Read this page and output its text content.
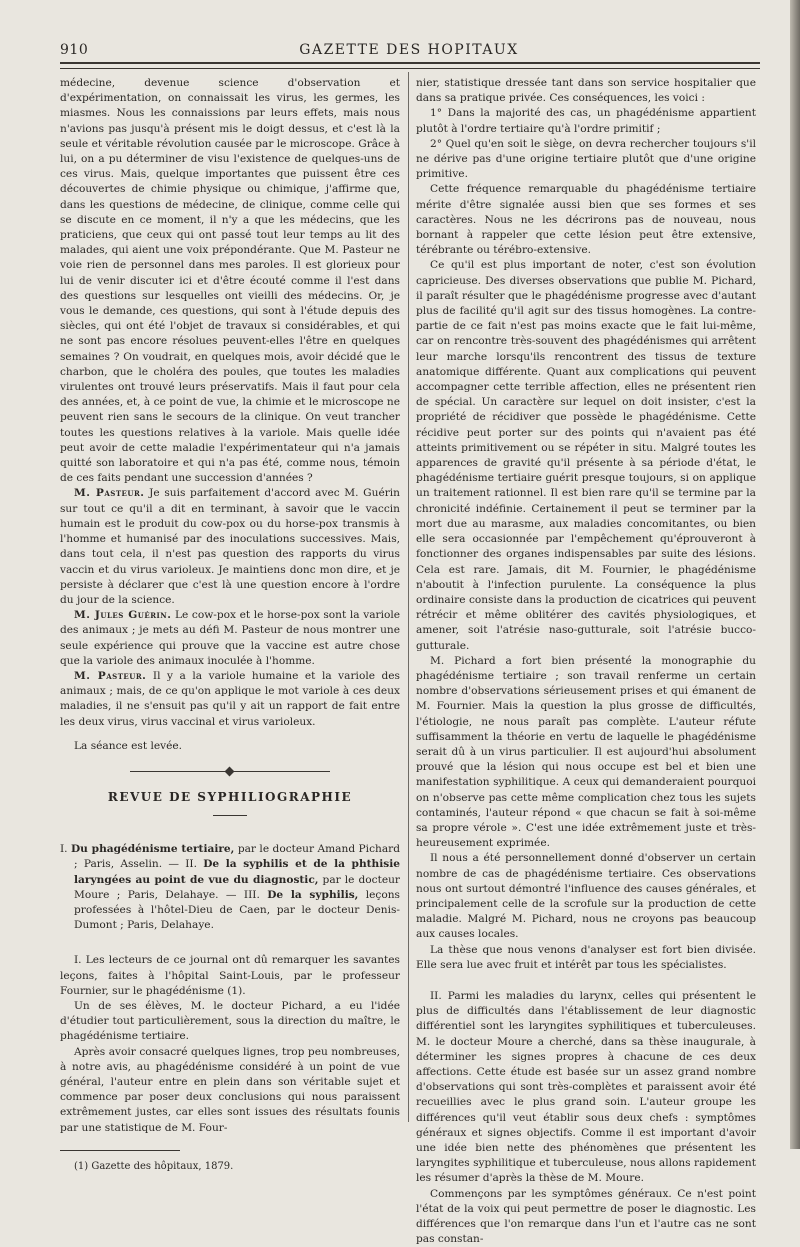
GAZETTE DES HOPITAUX
910

médecine, devenue science d'observation et d'expérimentation, on connaissait les virus, les germes, les miasmes. Nous les connaissions par leurs effets, mais nous n'avions pas jusqu'à présent mis le doigt dessus, et c'est là la seule et véritable révolution causée par le microscope. Grâce à lui, on a pu déterminer de visu l'existence de quelques-uns de ces virus. Mais, quelque importantes que puissent être ces découvertes de chimie physique ou chimique, j'affirme que, dans les questions de médecine, de clinique, comme celle qui se discute en ce moment, il n'y a que les médecins, que les praticiens, que ceux qui ont passé tout leur temps au lit des malades, qui aient une voix prépondérante. Que M. Pasteur ne voie rien de personnel dans mes paroles. Il est glorieux pour lui de venir discuter ici et d'être écouté comme il l'est dans des questions sur lesquelles ont vieilli des médecins. Or, je vous le demande, ces questions, qui sont à l'étude depuis des siècles, qui ont été l'objet de travaux si considérables, et qui ne sont pas encore résolues peuvent-elles l'être en quelques semaines ? On voudrait, en quelques mois, avoir décidé que le charbon, que le choléra des poules, que toutes les maladies virulentes ont trouvé leurs préservatifs. Mais il faut pour cela des années, et, à ce point de vue, la chimie et le microscope ne peuvent rien sans le secours de la clinique. On veut trancher toutes les questions relatives à la variole. Mais quelle idée peut avoir de cette maladie l'expérimentateur qui n'a jamais quitté son laboratoire et qui n'a pas été, comme nous, témoin de ces faits pendant une succession d'années ?

M. Pasteur. Je suis parfaitement d'accord avec M. Guérin sur tout ce qu'il a dit en terminant, à savoir que le vaccin humain est le produit du cow-pox ou du horse-pox transmis à l'homme et humanisé par des inoculations successives. Mais, dans tout cela, il n'est pas question des rapports du virus vaccin et du virus varioleux. Je maintiens donc mon dire, et je persiste à déclarer que c'est là une question encore à l'ordre du jour de la science.

M. Jules Guérin. Le cow-pox et le horse-pox sont la variole des animaux ; je mets au défi M. Pasteur de nous montrer une seule expérience qui prouve que la vaccine est autre chose que la variole des animaux inoculée à l'homme.

M. Pasteur. Il y a la variole humaine et la variole des animaux ; mais, de ce qu'on applique le mot variole à ces deux maladies, il ne s'ensuit pas qu'il y ait un rapport de fait entre les deux virus, virus vaccinal et virus varioleux.

La séance est levée.

REVUE DE SYPHILIOGRAPHIE

I. Du phagédénisme tertiaire, par le docteur Amand Pichard ; Paris, Asselin. — II. De la syphilis et de la phthisie laryngées au point de vue du diagnostic, par le docteur Moure ; Paris, Delahaye. — III. De la syphilis, leçons professées à l'hôtel-Dieu de Caen, par le docteur Denis-Dumont ; Paris, Delahaye.

I. Les lecteurs de ce journal ont dû remarquer les savantes leçons, faites à l'hôpital Saint-Louis, par le professeur Fournier, sur le phagédénisme (1).

Un de ses élèves, M. le docteur Pichard, a eu l'idée d'étudier tout particulièrement, sous la direction du maître, le phagédénisme tertiaire.

Après avoir consacré quelques lignes, trop peu nombreuses, à notre avis, au phagédénisme considéré à un point de vue général, l'auteur entre en plein dans son véritable sujet et commence par poser deux conclusions qui nous paraissent extrêmement justes, car elles sont issues des résultats founis par une statistique de M. Four-

(1) Gazette des hôpitaux, 1879.

nier, statistique dressée tant dans son service hospitalier que dans sa pratique privée. Ces conséquences, les voici :

1° Dans la majorité des cas, un phagédénisme appartient plutôt à l'ordre tertiaire qu'à l'ordre primitif ;

2° Quel qu'en soit le siège, on devra rechercher toujours s'il ne dérive pas d'une origine tertiaire plutôt que d'une origine primitive.

Cette fréquence remarquable du phagédénisme tertiaire mérite d'être signalée aussi bien que ses formes et ses caractères. Nous ne les décrirons pas de nouveau, nous bornant à rappeler que cette lésion peut être extensive, térébrante ou térébro-extensive.

Ce qu'il est plus important de noter, c'est son évolution capricieuse. Des diverses observations que publie M. Pichard, il paraît résulter que le phagédénisme progresse avec d'autant plus de facilité qu'il agit sur des tissus homogènes. La contre-partie de ce fait n'est pas moins exacte que le fait lui-même, car on rencontre très-souvent des phagédénismes qui arrêtent leur marche lorsqu'ils rencontrent des tissus de texture anatomique différente. Quant aux complications qui peuvent accompagner cette terrible affection, elles ne présentent rien de spécial. Un caractère sur lequel on doit insister, c'est la propriété de récidiver que possède le phagédénisme. Cette récidive peut porter sur des points qui n'avaient pas été atteints primitivement ou se répéter in situ. Malgré toutes les apparences de gravité qu'il présente à sa période d'état, le phagédénisme tertiaire guérit presque toujours, si on applique un traitement rationnel. Il est bien rare qu'il se termine par la chronicité indéfinie. Certainement il peut se terminer par la mort due au marasme, aux maladies concomitantes, ou bien elle sera occasionnée par l'empêchement qu'éprouveront à fonctionner des organes indispensables par suite des lésions. Cela est rare. Jamais, dit M. Fournier, le phagédénisme n'aboutit à l'infection purulente. La conséquence la plus ordinaire consiste dans la production de cicatrices qui peuvent rétrécir et même oblitérer des cavités physiologiques, et amener, soit l'atrésie naso-gutturale, soit l'atrésie bucco-gutturale.

M. Pichard a fort bien présenté la monographie du phagédénisme tertiaire ; son travail renferme un certain nombre d'observations sérieusement prises et qui émanent de M. Fournier. Mais la question la plus grosse de difficultés, l'étiologie, ne nous paraît pas complète. L'auteur réfute suffisamment la théorie en vertu de laquelle le phagédénisme serait dû à un virus particulier. Il est aujourd'hui absolument prouvé que la lésion qui nous occupe est bel et bien une manifestation syphilitique. A ceux qui demanderaient pourquoi on n'observe pas cette même complication chez tous les sujets contaminés, l'auteur répond « que chacun se fait à soi-même sa propre vérole ». C'est une idée extrêmement juste et très-heureusement exprimée.

Il nous a été personnellement donné d'observer un certain nombre de cas de phagédénisme tertiaire. Ces observations nous ont surtout démontré l'influence des causes générales, et principalement celle de la scrofule sur la production de cette maladie. Malgré M. Pichard, nous ne croyons pas beaucoup aux causes locales.

La thèse que nous venons d'analyser est fort bien divisée. Elle sera lue avec fruit et intérêt par tous les spécialistes.

II. Parmi les maladies du larynx, celles qui présentent le plus de difficultés dans l'établissement de leur diagnostic différentiel sont les laryngites syphilitiques et tuberculeuses. M. le docteur Moure a cherché, dans sa thèse inaugurale, à déterminer les signes propres à chacune de ces deux affections. Cette étude est basée sur un assez grand nombre d'observations qui sont très-complètes et paraissent avoir été recueillies avec le plus grand soin. L'auteur groupe les différences qu'il veut établir sous deux chefs : symptômes généraux et signes objectifs. Comme il est important d'avoir une idée bien nette des phénomènes que présentent les laryngites syphilitique et tuberculeuse, nous allons rapidement les résumer d'après la thèse de M. Moure.

Commençons par les symptômes généraux. Ce n'est point l'état de la voix qui peut permettre de poser le diagnostic. Les différences que l'on remarque dans l'un et l'autre cas ne sont pas constan-
